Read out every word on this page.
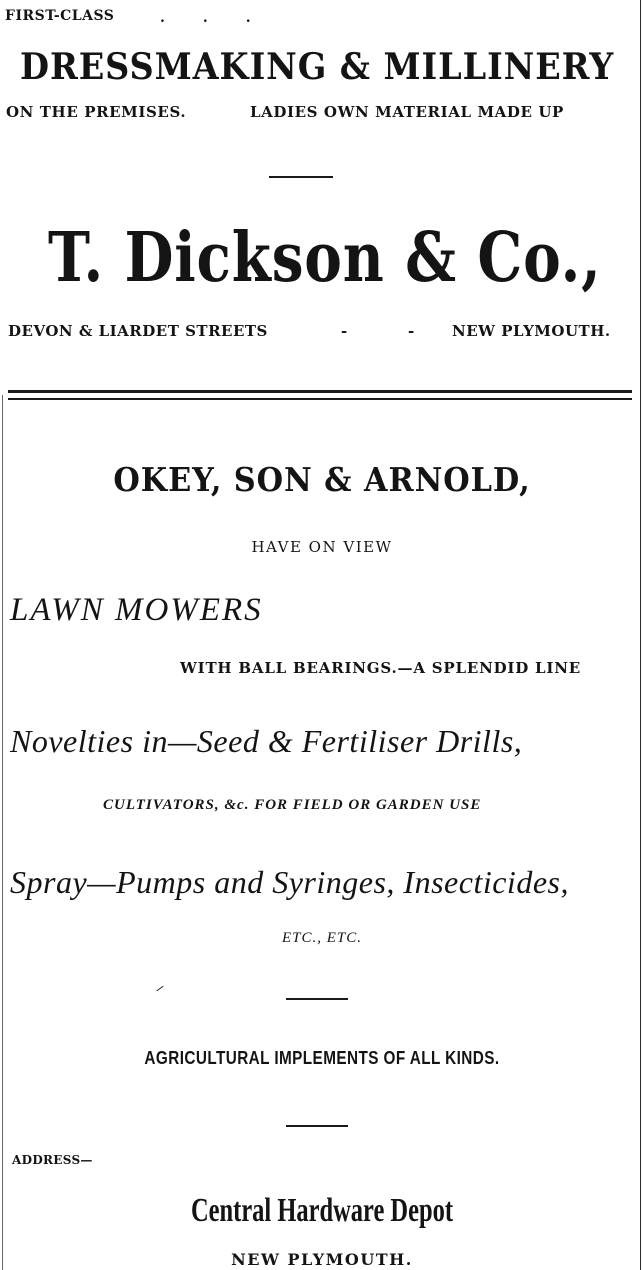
FIRST-CLASS	...
DRESSMAKING & MILLINERY
ON THE PREMISES.	LADIES OWN MATERIAL MADE UP
T. Dickson & Co.,
DEVON & LIARDET STREETS	-	-	NEW PLYMOUTH.
OKEY, SON & ARNOLD,
HAVE ON VIEW
LAWN MOWERS
WITH BALL BEARINGS.—A SPLENDID LINE
Novelties in—Seed & Fertiliser Drills,
CULTIVATORS, &c. FOR FIELD OR GARDEN USE
Spray—Pumps and Syringes, Insecticides,
ETC., ETC.
AGRICULTURAL IMPLEMENTS OF ALL KINDS.
ADDRESS—
Central Hardware Depot
NEW PLYMOUTH.
